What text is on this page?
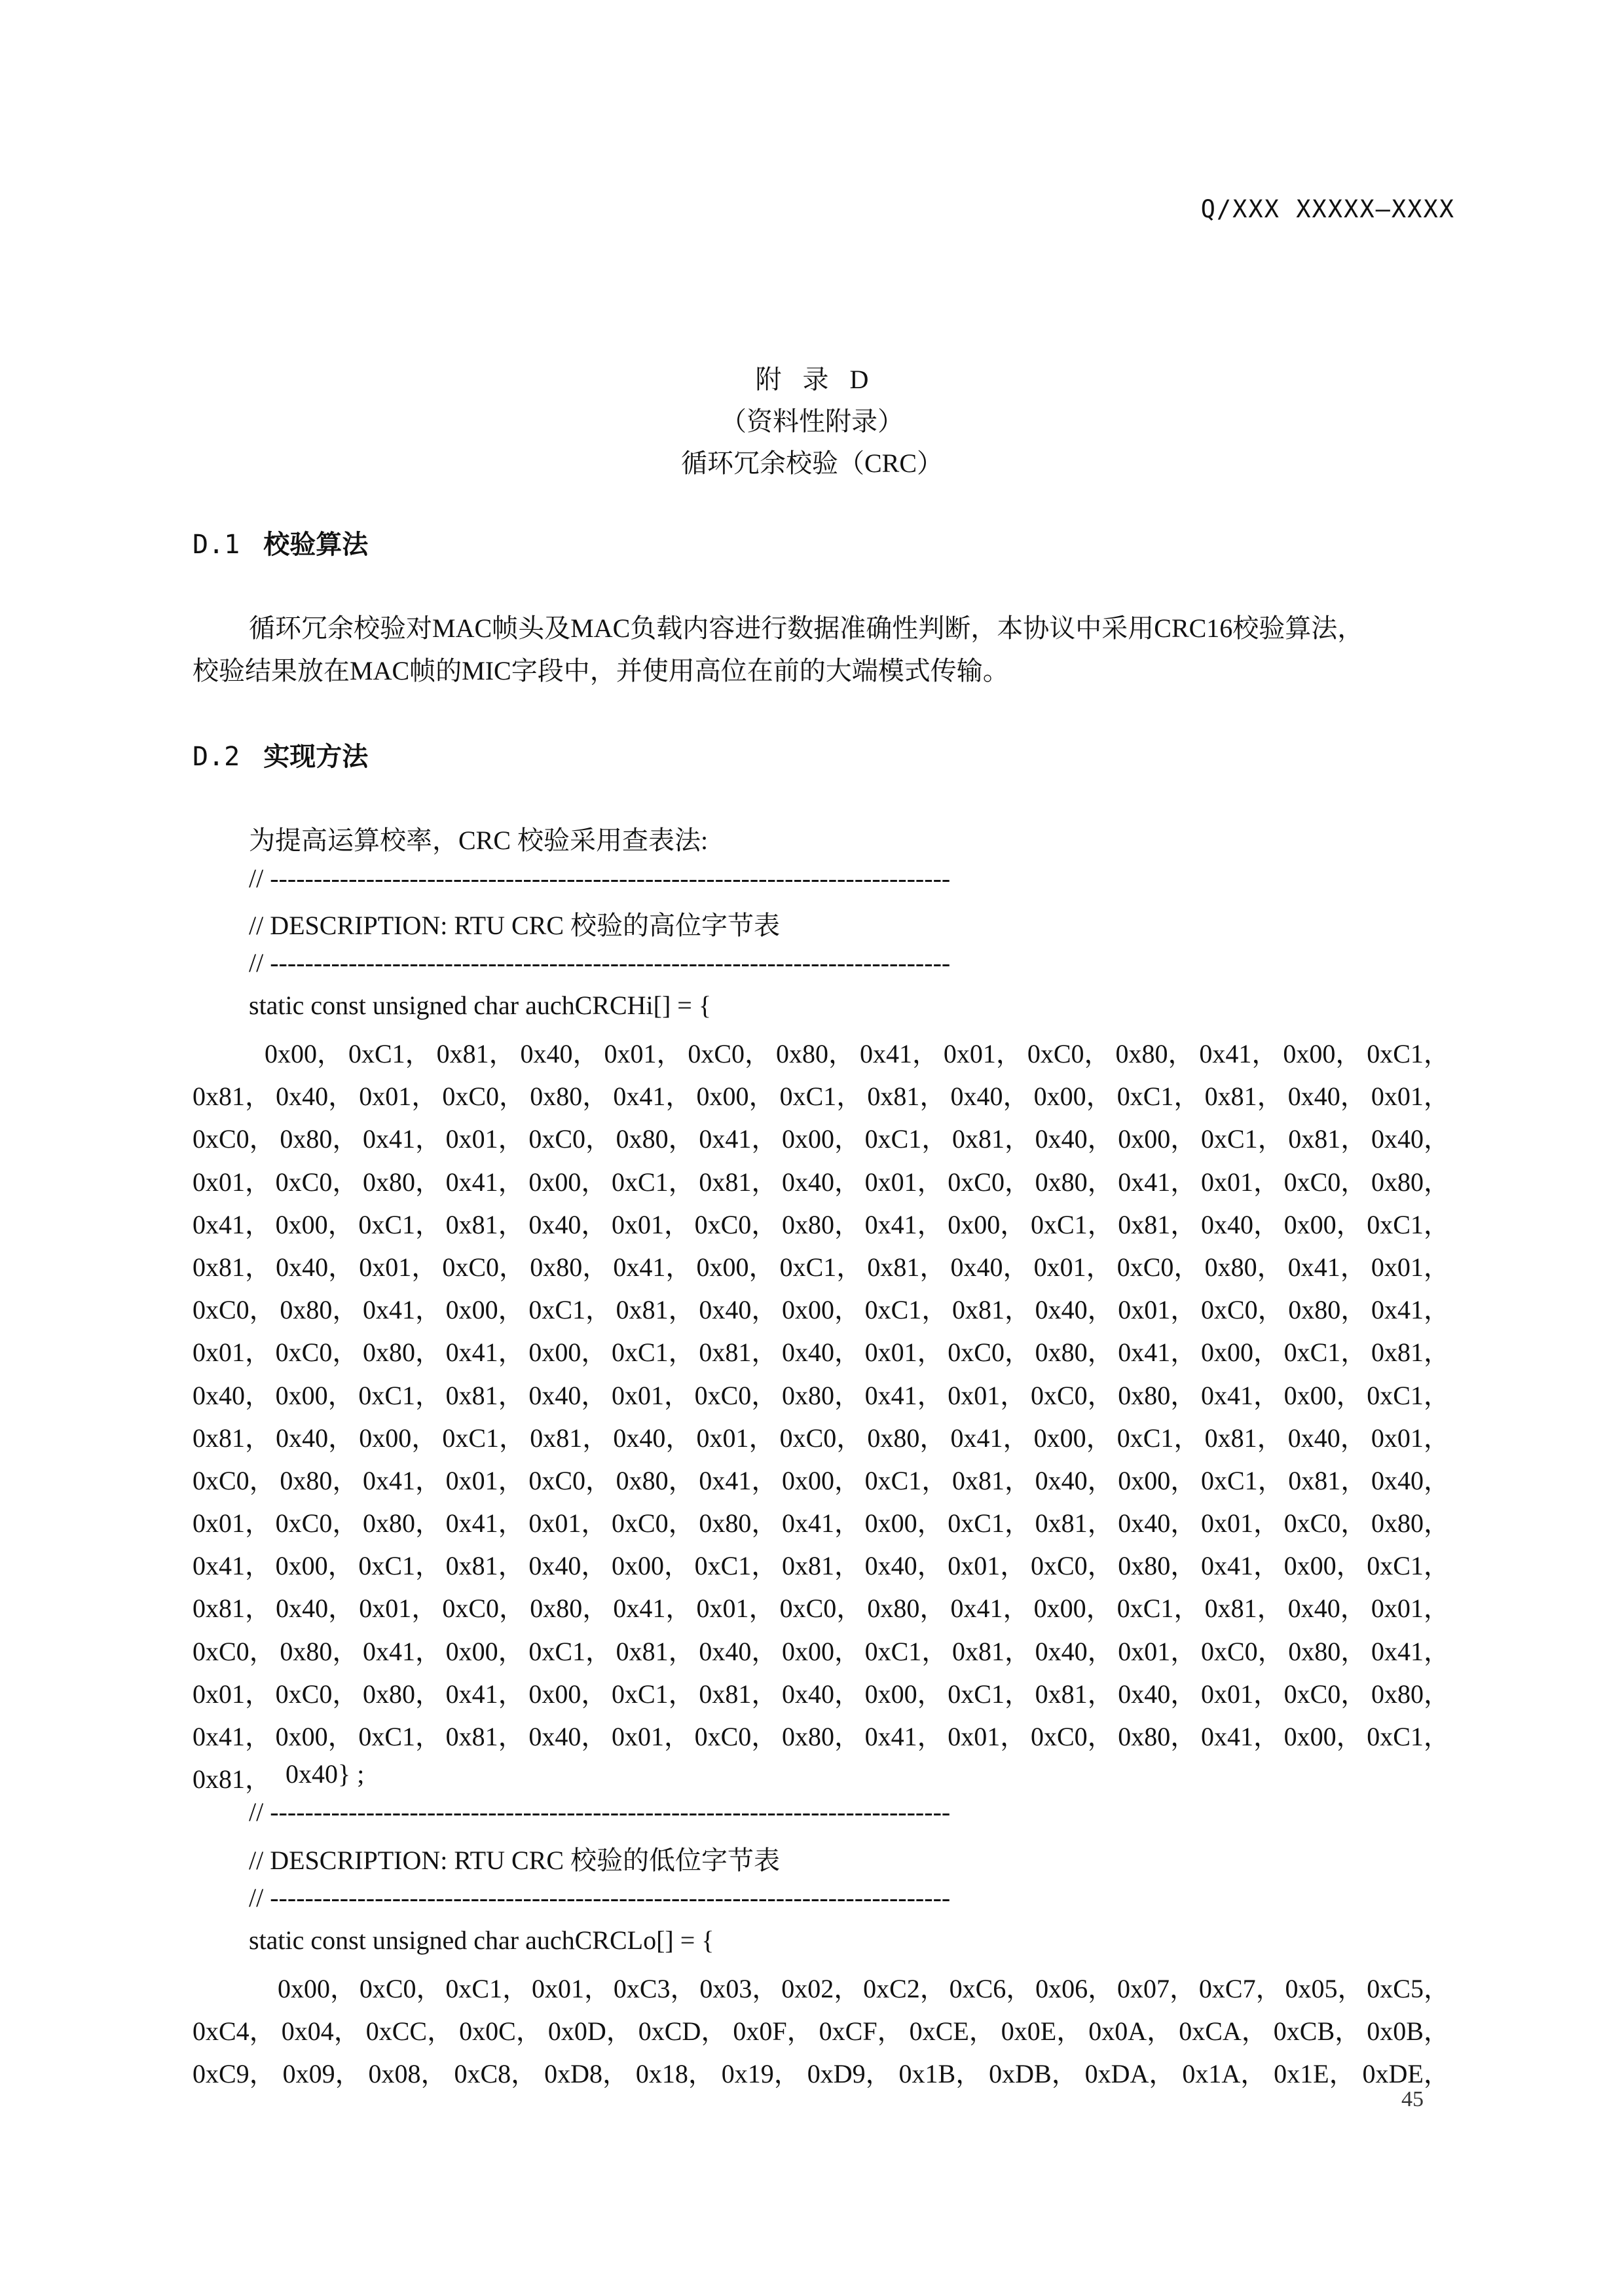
Q/XXX XXXXX—XXXX
附 录 D
（资料性附录）
循环冗余校验（CRC）
D.1 校验算法
循环冗余校验对MAC帧头及MAC负载内容进行数据准确性判断，本协议中采用CRC16校验算法，
校验结果放在MAC帧的MIC字段中，并使用高位在前的大端模式传输。
D.2 实现方法
为提高运算校率，CRC 校验采用查表法:
// ------------------------------------------------------------------------------
// DESCRIPTION: RTU CRC 校验的高位字节表
// ------------------------------------------------------------------------------
static const unsigned char auchCRCHi[] = {
0x00， 0xC1， 0x81， 0x40， 0x01， 0xC0， 0x80， 0x41， 0x01， 0xC0， 0x80， 0x41， 0x00， 0xC1，
0x81， 0x40， 0x01， 0xC0， 0x80， 0x41， 0x00， 0xC1， 0x81， 0x40， 0x00， 0xC1， 0x81， 0x40， 0x01，
0xC0， 0x80， 0x41， 0x01， 0xC0， 0x80， 0x41， 0x00， 0xC1， 0x81， 0x40， 0x00， 0xC1， 0x81， 0x40，
0x01， 0xC0， 0x80， 0x41， 0x00， 0xC1， 0x81， 0x40， 0x01， 0xC0， 0x80， 0x41， 0x01， 0xC0， 0x80，
0x41， 0x00， 0xC1， 0x81， 0x40， 0x01， 0xC0， 0x80， 0x41， 0x00， 0xC1， 0x81， 0x40， 0x00， 0xC1，
0x81， 0x40， 0x01， 0xC0， 0x80， 0x41， 0x00， 0xC1， 0x81， 0x40， 0x01， 0xC0， 0x80， 0x41， 0x01，
0xC0， 0x80， 0x41， 0x00， 0xC1， 0x81， 0x40， 0x00， 0xC1， 0x81， 0x40， 0x01， 0xC0， 0x80， 0x41，
0x01， 0xC0， 0x80， 0x41， 0x00， 0xC1， 0x81， 0x40， 0x01， 0xC0， 0x80， 0x41， 0x00， 0xC1， 0x81，
0x40， 0x00， 0xC1， 0x81， 0x40， 0x01， 0xC0， 0x80， 0x41， 0x01， 0xC0， 0x80， 0x41， 0x00， 0xC1，
0x81， 0x40， 0x00， 0xC1， 0x81， 0x40， 0x01， 0xC0， 0x80， 0x41， 0x00， 0xC1， 0x81， 0x40， 0x01，
0xC0， 0x80， 0x41， 0x01， 0xC0， 0x80， 0x41， 0x00， 0xC1， 0x81， 0x40， 0x00， 0xC1， 0x81， 0x40，
0x01， 0xC0， 0x80， 0x41， 0x01， 0xC0， 0x80， 0x41， 0x00， 0xC1， 0x81， 0x40， 0x01， 0xC0， 0x80，
0x41， 0x00， 0xC1， 0x81， 0x40， 0x00， 0xC1， 0x81， 0x40， 0x01， 0xC0， 0x80， 0x41， 0x00， 0xC1，
0x81， 0x40， 0x01， 0xC0， 0x80， 0x41， 0x01， 0xC0， 0x80， 0x41， 0x00， 0xC1， 0x81， 0x40， 0x01，
0xC0， 0x80， 0x41， 0x00， 0xC1， 0x81， 0x40， 0x00， 0xC1， 0x81， 0x40， 0x01， 0xC0， 0x80， 0x41，
0x01， 0xC0， 0x80， 0x41， 0x00， 0xC1， 0x81， 0x40， 0x00， 0xC1， 0x81， 0x40， 0x01， 0xC0， 0x80，
0x41， 0x00， 0xC1， 0x81， 0x40， 0x01， 0xC0， 0x80， 0x41， 0x01， 0xC0， 0x80， 0x41， 0x00， 0xC1，
0x81， 0x40} ;
// ------------------------------------------------------------------------------
// DESCRIPTION: RTU CRC 校验的低位字节表
// ------------------------------------------------------------------------------
static const unsigned char auchCRCLo[] = {
0x00， 0xC0， 0xC1， 0x01， 0xC3， 0x03， 0x02， 0xC2， 0xC6， 0x06， 0x07， 0xC7， 0x05， 0xC5，
0xC4， 0x04， 0xCC， 0x0C， 0x0D， 0xCD， 0x0F， 0xCF， 0xCE， 0x0E， 0x0A， 0xCA， 0xCB， 0x0B，
0xC9， 0x09， 0x08， 0xC8， 0xD8， 0x18， 0x19， 0xD9， 0x1B， 0xDB， 0xDA， 0x1A， 0x1E， 0xDE，
45
